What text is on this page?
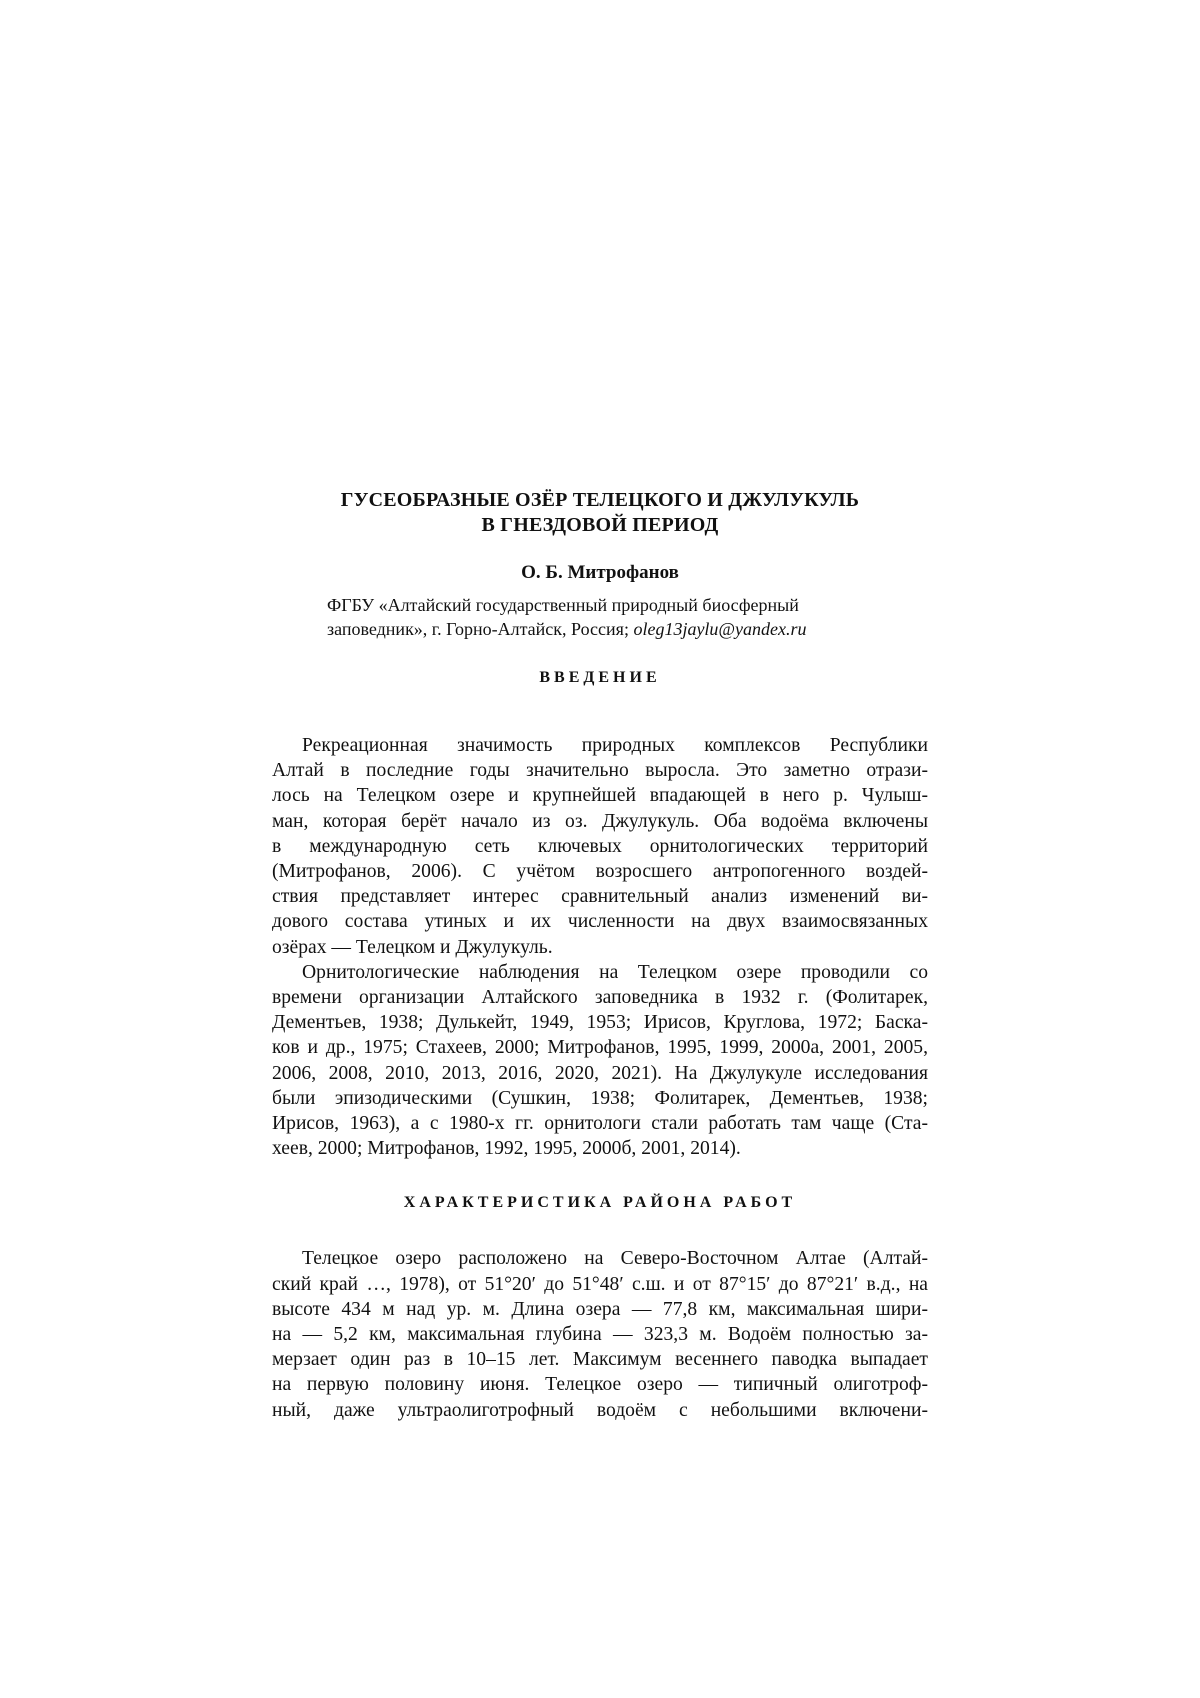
ГУСЕОБРАЗНЫЕ ОЗЁР ТЕЛЕЦКОГО И ДЖУЛУКУЛЬ
В ГНЕЗДОВОЙ ПЕРИОД
О. Б. Митрофанов
ФГБУ «Алтайский государственный природный биосферный
заповедник», г. Горно-Алтайск, Россия; oleg13jaylu@yandex.ru
ВВЕДЕНИЕ
Рекреационная значимость природных комплексов Республики
Алтай в последние годы значительно выросла. Это заметно отрази-
лось на Телецком озере и крупнейшей впадающей в него р. Чулыш-
ман, которая берёт начало из оз. Джулукуль. Оба водоёма включены
в международную сеть ключевых орнитологических территорий
(Митрофанов, 2006). С учётом возросшего антропогенного воздей-
ствия представляет интерес сравнительный анализ изменений ви-
дового состава утиных и их численности на двух взаимосвязанных
озёрах — Телецком и Джулукуль.
Орнитологические наблюдения на Телецком озере проводили со
времени организации Алтайского заповедника в 1932 г. (Фолитарек,
Дементьев, 1938; Дулькейт, 1949, 1953; Ирисов, Круглова, 1972; Баска-
ков и др., 1975; Стахеев, 2000; Митрофанов, 1995, 1999, 2000а, 2001, 2005,
2006, 2008, 2010, 2013, 2016, 2020, 2021). На Джулукуле исследования
были эпизодическими (Сушкин, 1938; Фолитарек, Дементьев, 1938;
Ирисов, 1963), а с 1980-х гг. орнитологи стали работать там чаще (Ста-
хеев, 2000; Митрофанов, 1992, 1995, 2000б, 2001, 2014).
ХАРАКТЕРИСТИКА РАЙОНА РАБОТ
Телецкое озеро расположено на Северо-Восточном Алтае (Алтай-
ский край …, 1978), от 51°20′ до 51°48′ с.ш. и от 87°15′ до 87°21′ в.д., на
высоте 434 м над ур. м. Длина озера — 77,8 км, максимальная шири-
на — 5,2 км, максимальная глубина — 323,3 м. Водоём полностью за-
мерзает один раз в 10–15 лет. Максимум весеннего паводка выпадает
на первую половину июня. Телецкое озеро — типичный олиготроф-
ный, даже ультраолиготрофный водоём с небольшими включени-
